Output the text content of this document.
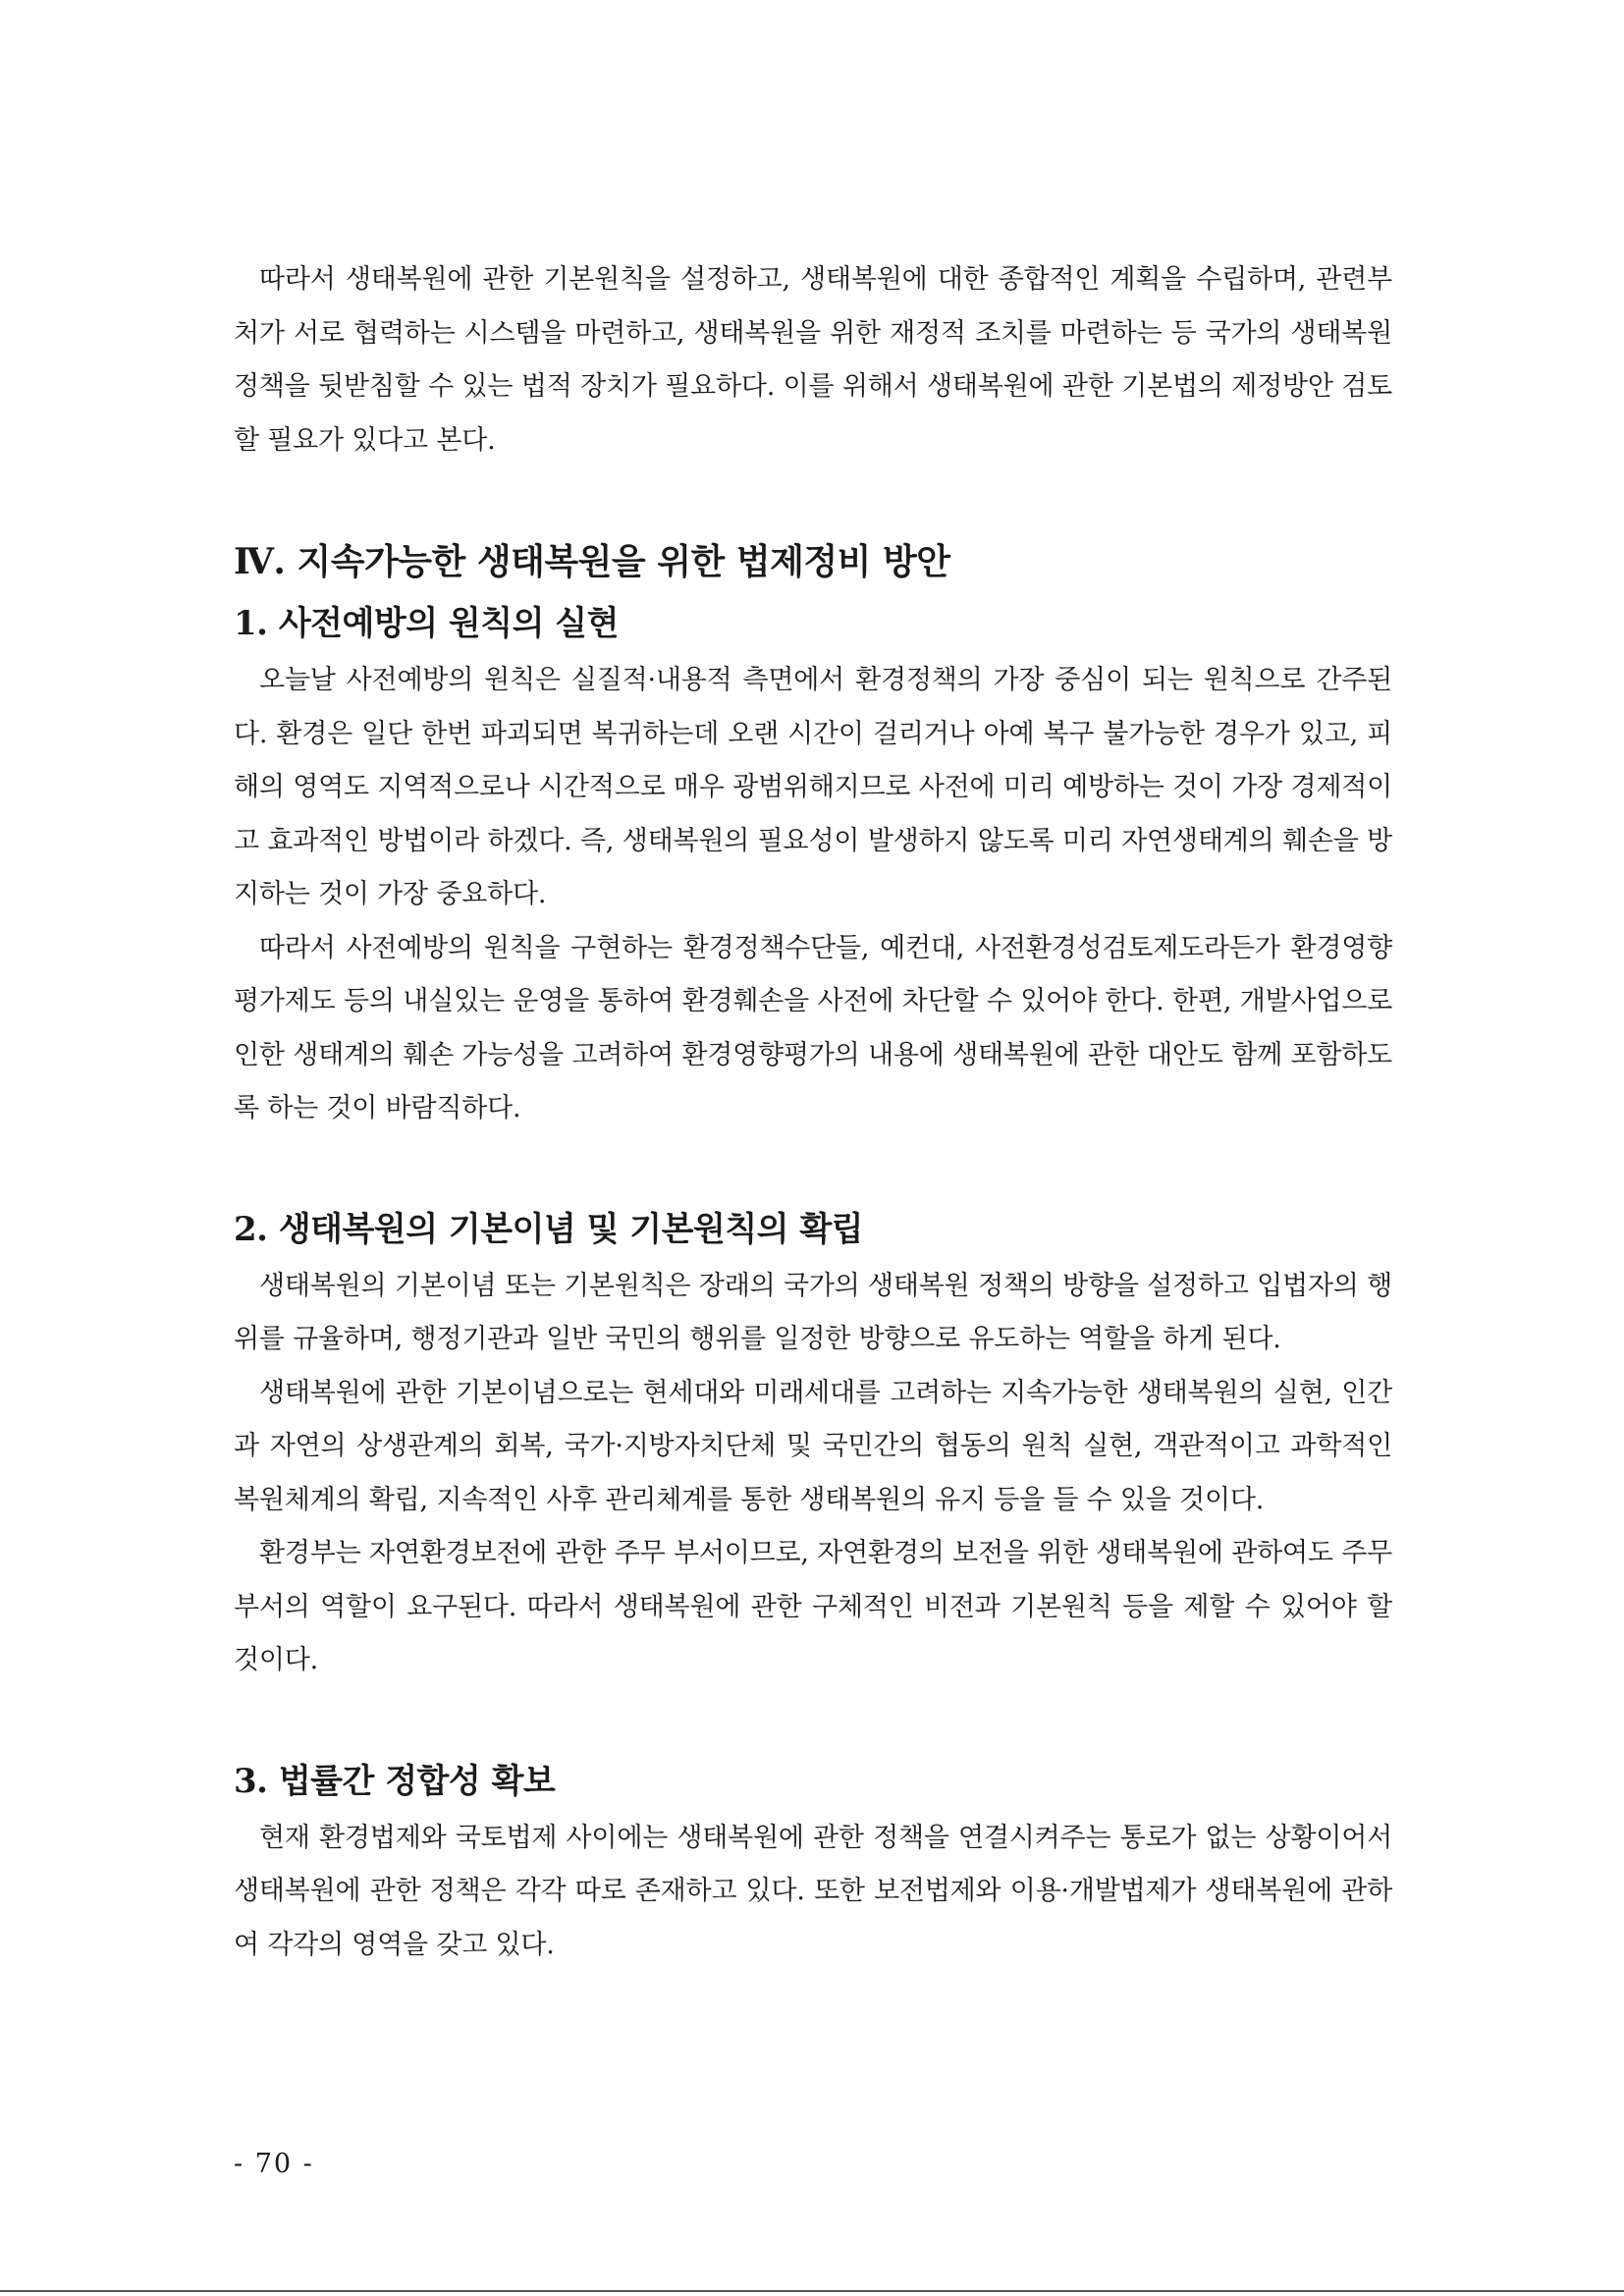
따라서 생태복원에 관한 기본원칙을 설정하고, 생태복원에 대한 종합적인 계획을 수립하며, 관련부처가 서로 협력하는 시스템을 마련하고, 생태복원을 위한 재정적 조치를 마련하는 등 국가의 생태복원정책을 뒷받침할 수 있는 법적 장치가 필요하다. 이를 위해서 생태복원에 관한 기본법의 제정방안 검토할 필요가 있다고 본다.

Ⅳ. 지속가능한 생태복원을 위한 법제정비 방안
1. 사전예방의 원칙의 실현

오늘날 사전예방의 원칙은 실질적·내용적 측면에서 환경정책의 가장 중심이 되는 원칙으로 간주된다. 환경은 일단 한번 파괴되면 복귀하는데 오랜 시간이 걸리거나 아예 복구 불가능한 경우가 있고, 피해의 영역도 지역적으로나 시간적으로 매우 광범위해지므로 사전에 미리 예방하는 것이 가장 경제적이고 효과적인 방법이라 하겠다. 즉, 생태복원의 필요성이 발생하지 않도록 미리 자연생태계의 훼손을 방지하는 것이 가장 중요하다.

따라서 사전예방의 원칙을 구현하는 환경정책수단들, 예컨대, 사전환경성검토제도라든가 환경영향평가제도 등의 내실있는 운영을 통하여 환경훼손을 사전에 차단할 수 있어야 한다. 한편, 개발사업으로 인한 생태계의 훼손 가능성을 고려하여 환경영향평가의 내용에 생태복원에 관한 대안도 함께 포함하도록 하는 것이 바람직하다.

2. 생태복원의 기본이념 및 기본원칙의 확립

생태복원의 기본이념 또는 기본원칙은 장래의 국가의 생태복원 정책의 방향을 설정하고 입법자의 행위를 규율하며, 행정기관과 일반 국민의 행위를 일정한 방향으로 유도하는 역할을 하게 된다.

생태복원에 관한 기본이념으로는 현세대와 미래세대를 고려하는 지속가능한 생태복원의 실현, 인간과 자연의 상생관계의 회복, 국가·지방자치단체 및 국민간의 협동의 원칙 실현, 객관적이고 과학적인 복원체계의 확립, 지속적인 사후 관리체계를 통한 생태복원의 유지 등을 들 수 있을 것이다.

환경부는 자연환경보전에 관한 주무 부서이므로, 자연환경의 보전을 위한 생태복원에 관하여도 주무부서의 역할이 요구된다. 따라서 생태복원에 관한 구체적인 비전과 기본원칙 등을 제할 수 있어야 할 것이다.

3. 법률간 정합성 확보

현재 환경법제와 국토법제 사이에는 생태복원에 관한 정책을 연결시켜주는 통로가 없는 상황이어서 생태복원에 관한 정책은 각각 따로 존재하고 있다. 또한 보전법제와 이용·개발법제가 생태복원에 관하여 각각의 영역을 갖고 있다.

- 70 -
